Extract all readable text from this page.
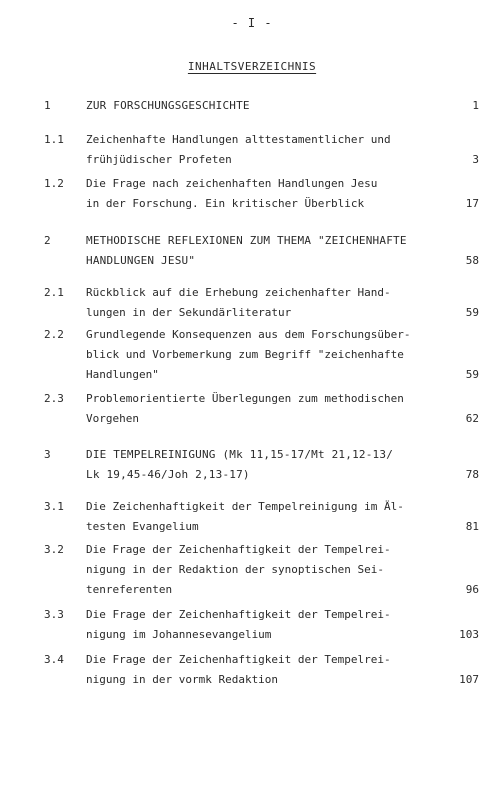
- I -
INHALTSVERZEICHNIS
1	ZUR FORSCHUNGSGESCHICHTE	1
1.1 Zeichenhafte Handlungen alttestamentlicher und
frühjüdischer Profeten	3
1.2 Die Frage nach zeichenhaften Handlungen Jesu
in der Forschung. Ein kritischer Überblick	17
2	METHODISCHE REFLEXIONEN ZUM THEMA "ZEICHENHAFTE
HANDLUNGEN JESU"	58
2.1 Rückblick auf die Erhebung zeichenhafter Hand-
lungen in der Sekundärliteratur	59
2.2 Grundlegende Konsequenzen aus dem Forschungsüber-
blick und Vorbemerkung zum Begriff "zeichenhafte
Handlungen"	59
2.3 Problemorientierte Überlegungen zum methodischen
Vorgehen	62
3	DIE TEMPELREINIGUNG (Mk 11,15-17/Mt 21,12-13/
Lk 19,45-46/Joh 2,13-17)	78
3.1 Die Zeichenhaftigkeit der Tempelreinigung im Äl-
testen Evangelium	81
3.2 Die Frage der Zeichenhaftigkeit der Tempelrei-
nigung in der Redaktion der synoptischen Sei-
tenreferenten	96
3.3 Die Frage der Zeichenhaftigkeit der Tempelrei-
nigung im Johannesevangelium	103
3.4 Die Frage der Zeichenhaftigkeit der Tempelrei-
nigung in der vormk Redaktion	107
